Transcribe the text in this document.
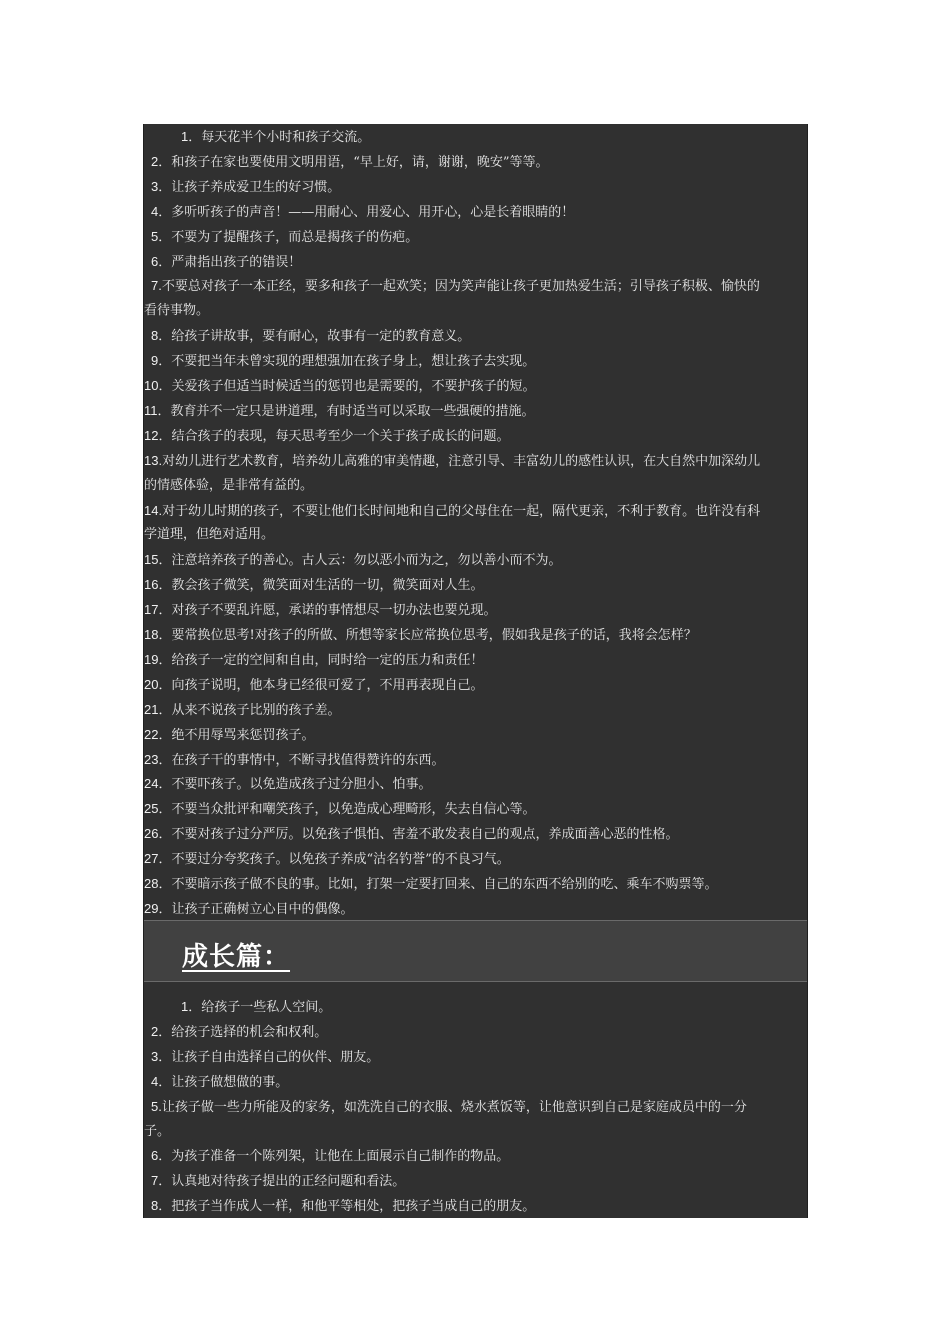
1．每天花半个小时和孩子交流。
2．和孩子在家也要使用文明用语，“早上好，请，谢谢，晚安”等等。
3．让孩子养成爱卫生的好习惯。
4．多听听孩子的声音！——用耐心、用爱心、用开心，心是长着眼睛的！
5．不要为了提醒孩子，而总是揭孩子的伤疤。
6．严肃指出孩子的错误！
7.不要总对孩子一本正经，要多和孩子一起欢笑；因为笑声能让孩子更加热爱生活；引导孩子积极、愉快的
看待事物。
8．给孩子讲故事，要有耐心，故事有一定的教育意义。
9．不要把当年未曾实现的理想强加在孩子身上，想让孩子去实现。
10．关爱孩子但适当时候适当的惩罚也是需要的，不要护孩子的短。
11．教育并不一定只是讲道理，有时适当可以采取一些强硬的措施。
12．结合孩子的表现，每天思考至少一个关于孩子成长的问题。
13.对幼儿进行艺术教育，培养幼儿高雅的审美情趣，注意引导、丰富幼儿的感性认识，在大自然中加深幼儿
的情感体验，是非常有益的。
14.对于幼儿时期的孩子，不要让他们长时间地和自己的父母住在一起，隔代更亲，不利于教育。也许没有科
学道理，但绝对适用。
15．注意培养孩子的善心。古人云：勿以恶小而为之，勿以善小而不为。
16．教会孩子微笑，微笑面对生活的一切，微笑面对人生。
17．对孩子不要乱许愿，承诺的事情想尽一切办法也要兑现。
18．要常换位思考!对孩子的所做、所想等家长应常换位思考，假如我是孩子的话，我将会怎样？
19．给孩子一定的空间和自由，同时给一定的压力和责任！
20．向孩子说明，他本身已经很可爱了，不用再表现自己。
21．从来不说孩子比别的孩子差。
22．绝不用辱骂来惩罚孩子。
23．在孩子干的事情中，不断寻找值得赞许的东西。
24．不要吓孩子。以免造成孩子过分胆小、怕事。
25．不要当众批评和嘲笑孩子，以免造成心理畸形，失去自信心等。
26．不要对孩子过分严厉。以免孩子惧怕、害羞不敢发表自己的观点，养成面善心恶的性格。
27．不要过分夸奖孩子。以免孩子养成“沽名钓誉”的不良习气。
28．不要暗示孩子做不良的事。比如，打架一定要打回来、自己的东西不给别的吃、乘车不购票等。
29．让孩子正确树立心目中的偶像。
成长篇：
1．给孩子一些私人空间。
2．给孩子选择的机会和权利。
3．让孩子自由选择自己的伙伴、朋友。
4．让孩子做想做的事。
5.让孩子做一些力所能及的家务，如洗洗自己的衣服、烧水煮饭等，让他意识到自己是家庭成员中的一分
子。
6．为孩子准备一个陈列架，让他在上面展示自己制作的物品。
7．认真地对待孩子提出的正经问题和看法。
8．把孩子当作成人一样，和他平等相处，把孩子当成自己的朋友。
